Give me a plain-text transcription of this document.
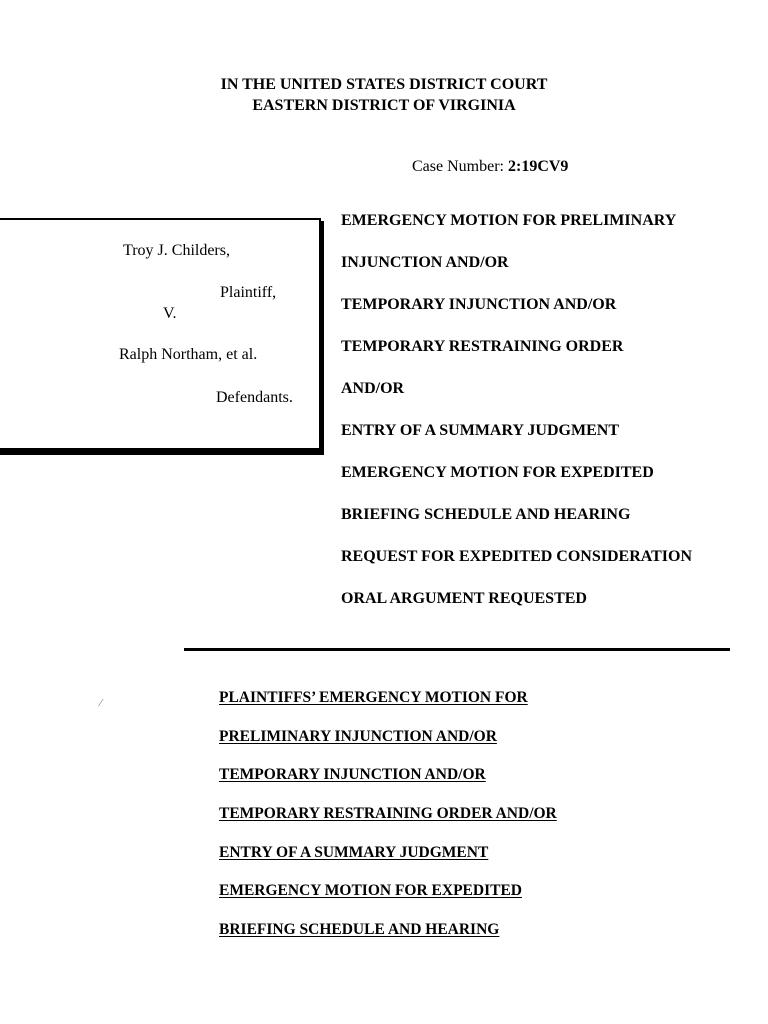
IN THE UNITED STATES DISTRICT COURT
EASTERN DISTRICT OF VIRGINIA
Case Number: 2:19CV9
Troy J. Childers,
Plaintiff,
V.
Ralph Northam, et al.
Defendants.
EMERGENCY MOTION FOR PRELIMINARY
INJUNCTION AND/OR
TEMPORARY INJUNCTION AND/OR
TEMPORARY RESTRAINING ORDER
AND/OR
ENTRY OF A SUMMARY JUDGMENT
EMERGENCY MOTION FOR EXPEDITED
BRIEFING SCHEDULE AND HEARING
REQUEST FOR EXPEDITED CONSIDERATION
ORAL ARGUMENT REQUESTED
⁄	PLAINTIFFS’ EMERGENCY MOTION FOR
PRELIMINARY INJUNCTION AND/OR
TEMPORARY INJUNCTION AND/OR
TEMPORARY RESTRAINING ORDER AND/OR
ENTRY OF A SUMMARY JUDGMENT
EMERGENCY MOTION FOR EXPEDITED
BRIEFING SCHEDULE AND HEARING
